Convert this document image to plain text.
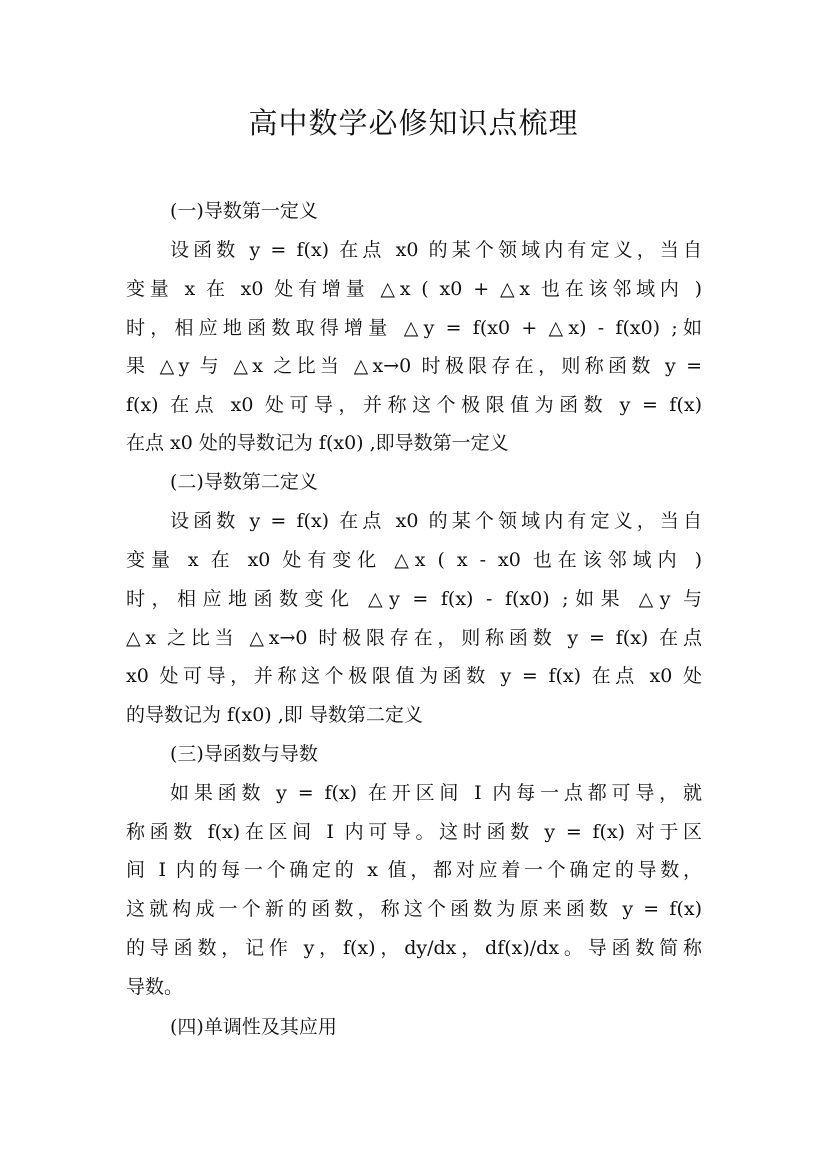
高中数学必修知识点梳理
(一)导数第一定义
设函数 y = f(x) 在点 x0 的某个领域内有定义，当自
变量 x 在 x0 处有增量 △x ( x0 + △x 也在该邻域内 )
时，相应地函数取得增量 △y = f(x0 + △x) - f(x0) ;如
果 △y 与 △x 之比当 △x→0 时极限存在，则称函数 y =
f(x) 在点 x0 处可导，并称这个极限值为函数 y = f(x)
在点 x0 处的导数记为 f(x0) ,即导数第一定义
(二)导数第二定义
设函数 y = f(x) 在点 x0 的某个领域内有定义，当自
变量 x 在 x0 处有变化 △x ( x - x0 也在该邻域内 )
时，相应地函数变化 △y = f(x) - f(x0) ;如果 △y 与
△x 之比当 △x→0 时极限存在，则称函数 y = f(x) 在点
x0 处可导，并称这个极限值为函数 y = f(x) 在点 x0 处
的导数记为 f(x0) ,即 导数第二定义
(三)导函数与导数
如果函数 y = f(x) 在开区间 I 内每一点都可导，就
称函数 f(x)在区间 I 内可导。这时函数 y = f(x) 对于区
间 I 内的每一个确定的 x 值，都对应着一个确定的导数，
这就构成一个新的函数，称这个函数为原来函数 y = f(x)
的导函数，记作 y，f(x)，dy/dx，df(x)/dx。导函数简称
导数。
(四)单调性及其应用
